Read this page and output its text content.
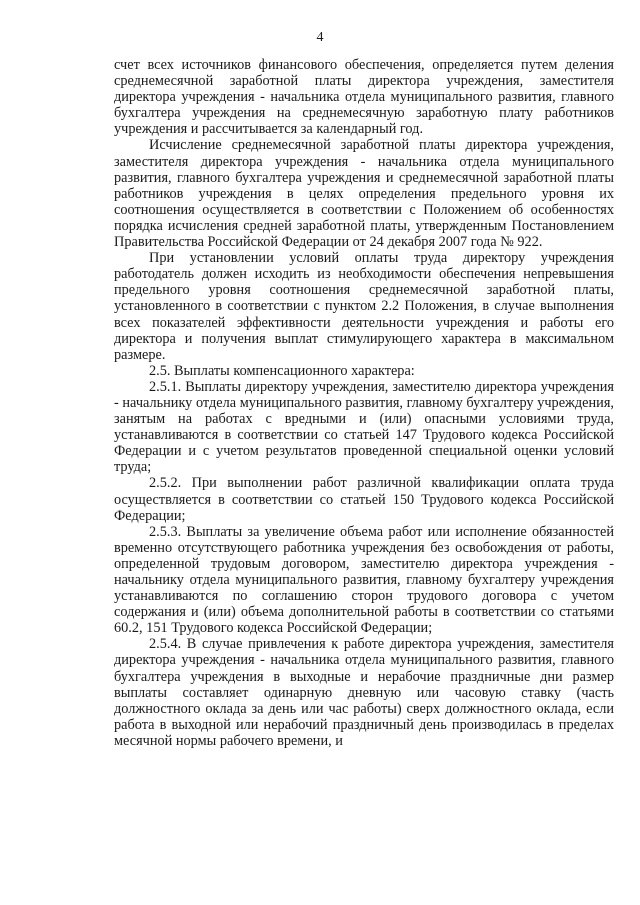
4

счет всех источников финансового обеспечения, определяется путем деления среднемесячной заработной платы директора учреждения, заместителя директора учреждения - начальника отдела муниципального развития, главного бухгалтера учреждения на среднемесячную заработную плату работников учреждения и рассчитывается за календарный год.

Исчисление среднемесячной заработной платы директора учреждения, заместителя директора учреждения - начальника отдела муниципального развития, главного бухгалтера учреждения и среднемесячной заработной платы работников учреждения в целях определения предельного уровня их соотношения осуществляется в соответствии с Положением об особенностях порядка исчисления средней заработной платы, утвержденным Постановлением Правительства Российской Федерации от 24 декабря 2007 года № 922.

При установлении условий оплаты труда директору учреждения работодатель должен исходить из необходимости обеспечения непревышения предельного уровня соотношения среднемесячной заработной платы, установленного в соответствии с пунктом 2.2 Положения, в случае выполнения всех показателей эффективности деятельности учреждения и работы его директора и получения выплат стимулирующего характера в максимальном размере.

2.5. Выплаты компенсационного характера:

2.5.1. Выплаты директору учреждения, заместителю директора учреждения - начальнику отдела муниципального развития, главному бухгалтеру учреждения, занятым на работах с вредными и (или) опасными условиями труда, устанавливаются в соответствии со статьей 147 Трудового кодекса Российской Федерации и с учетом результатов проведенной специальной оценки условий труда;

2.5.2. При выполнении работ различной квалификации оплата труда осуществляется в соответствии со статьей 150 Трудового кодекса Российской Федерации;

2.5.3. Выплаты за увеличение объема работ или исполнение обязанностей временно отсутствующего работника учреждения без освобождения от работы, определенной трудовым договором, заместителю директора учреждения - начальнику отдела муниципального развития, главному бухгалтеру учреждения устанавливаются по соглашению сторон трудового договора с учетом содержания и (или) объема дополнительной работы в соответствии со статьями 60.2, 151 Трудового кодекса Российской Федерации;

2.5.4. В случае привлечения к работе директора учреждения, заместителя директора учреждения - начальника отдела муниципального развития, главного бухгалтера учреждения в выходные и нерабочие праздничные дни размер выплаты составляет одинарную дневную или часовую ставку (часть должностного оклада за день или час работы) сверх должностного оклада, если работа в выходной или нерабочий праздничный день производилась в пределах месячной нормы рабочего времени, и
